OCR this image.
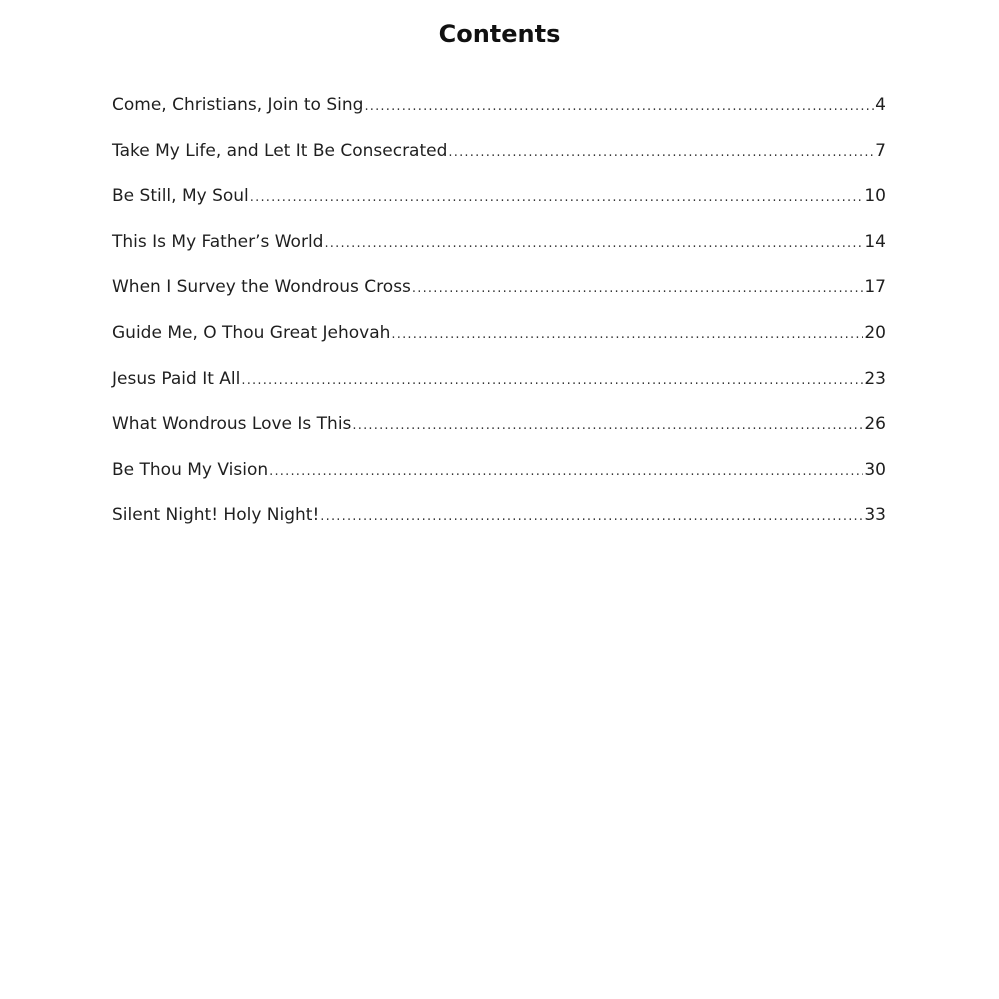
Contents
Come, Christians, Join to Sing .....	4
Take My Life, and Let It Be Consecrated .....	7
Be Still, My Soul .....	10
This Is My Father’s World .....	14
When I Survey the Wondrous Cross .....	17
Guide Me, O Thou Great Jehovah .....	20
Jesus Paid It All .....	23
What Wondrous Love Is This .....	26
Be Thou My Vision .....	30
Silent Night! Holy Night! .....	33
